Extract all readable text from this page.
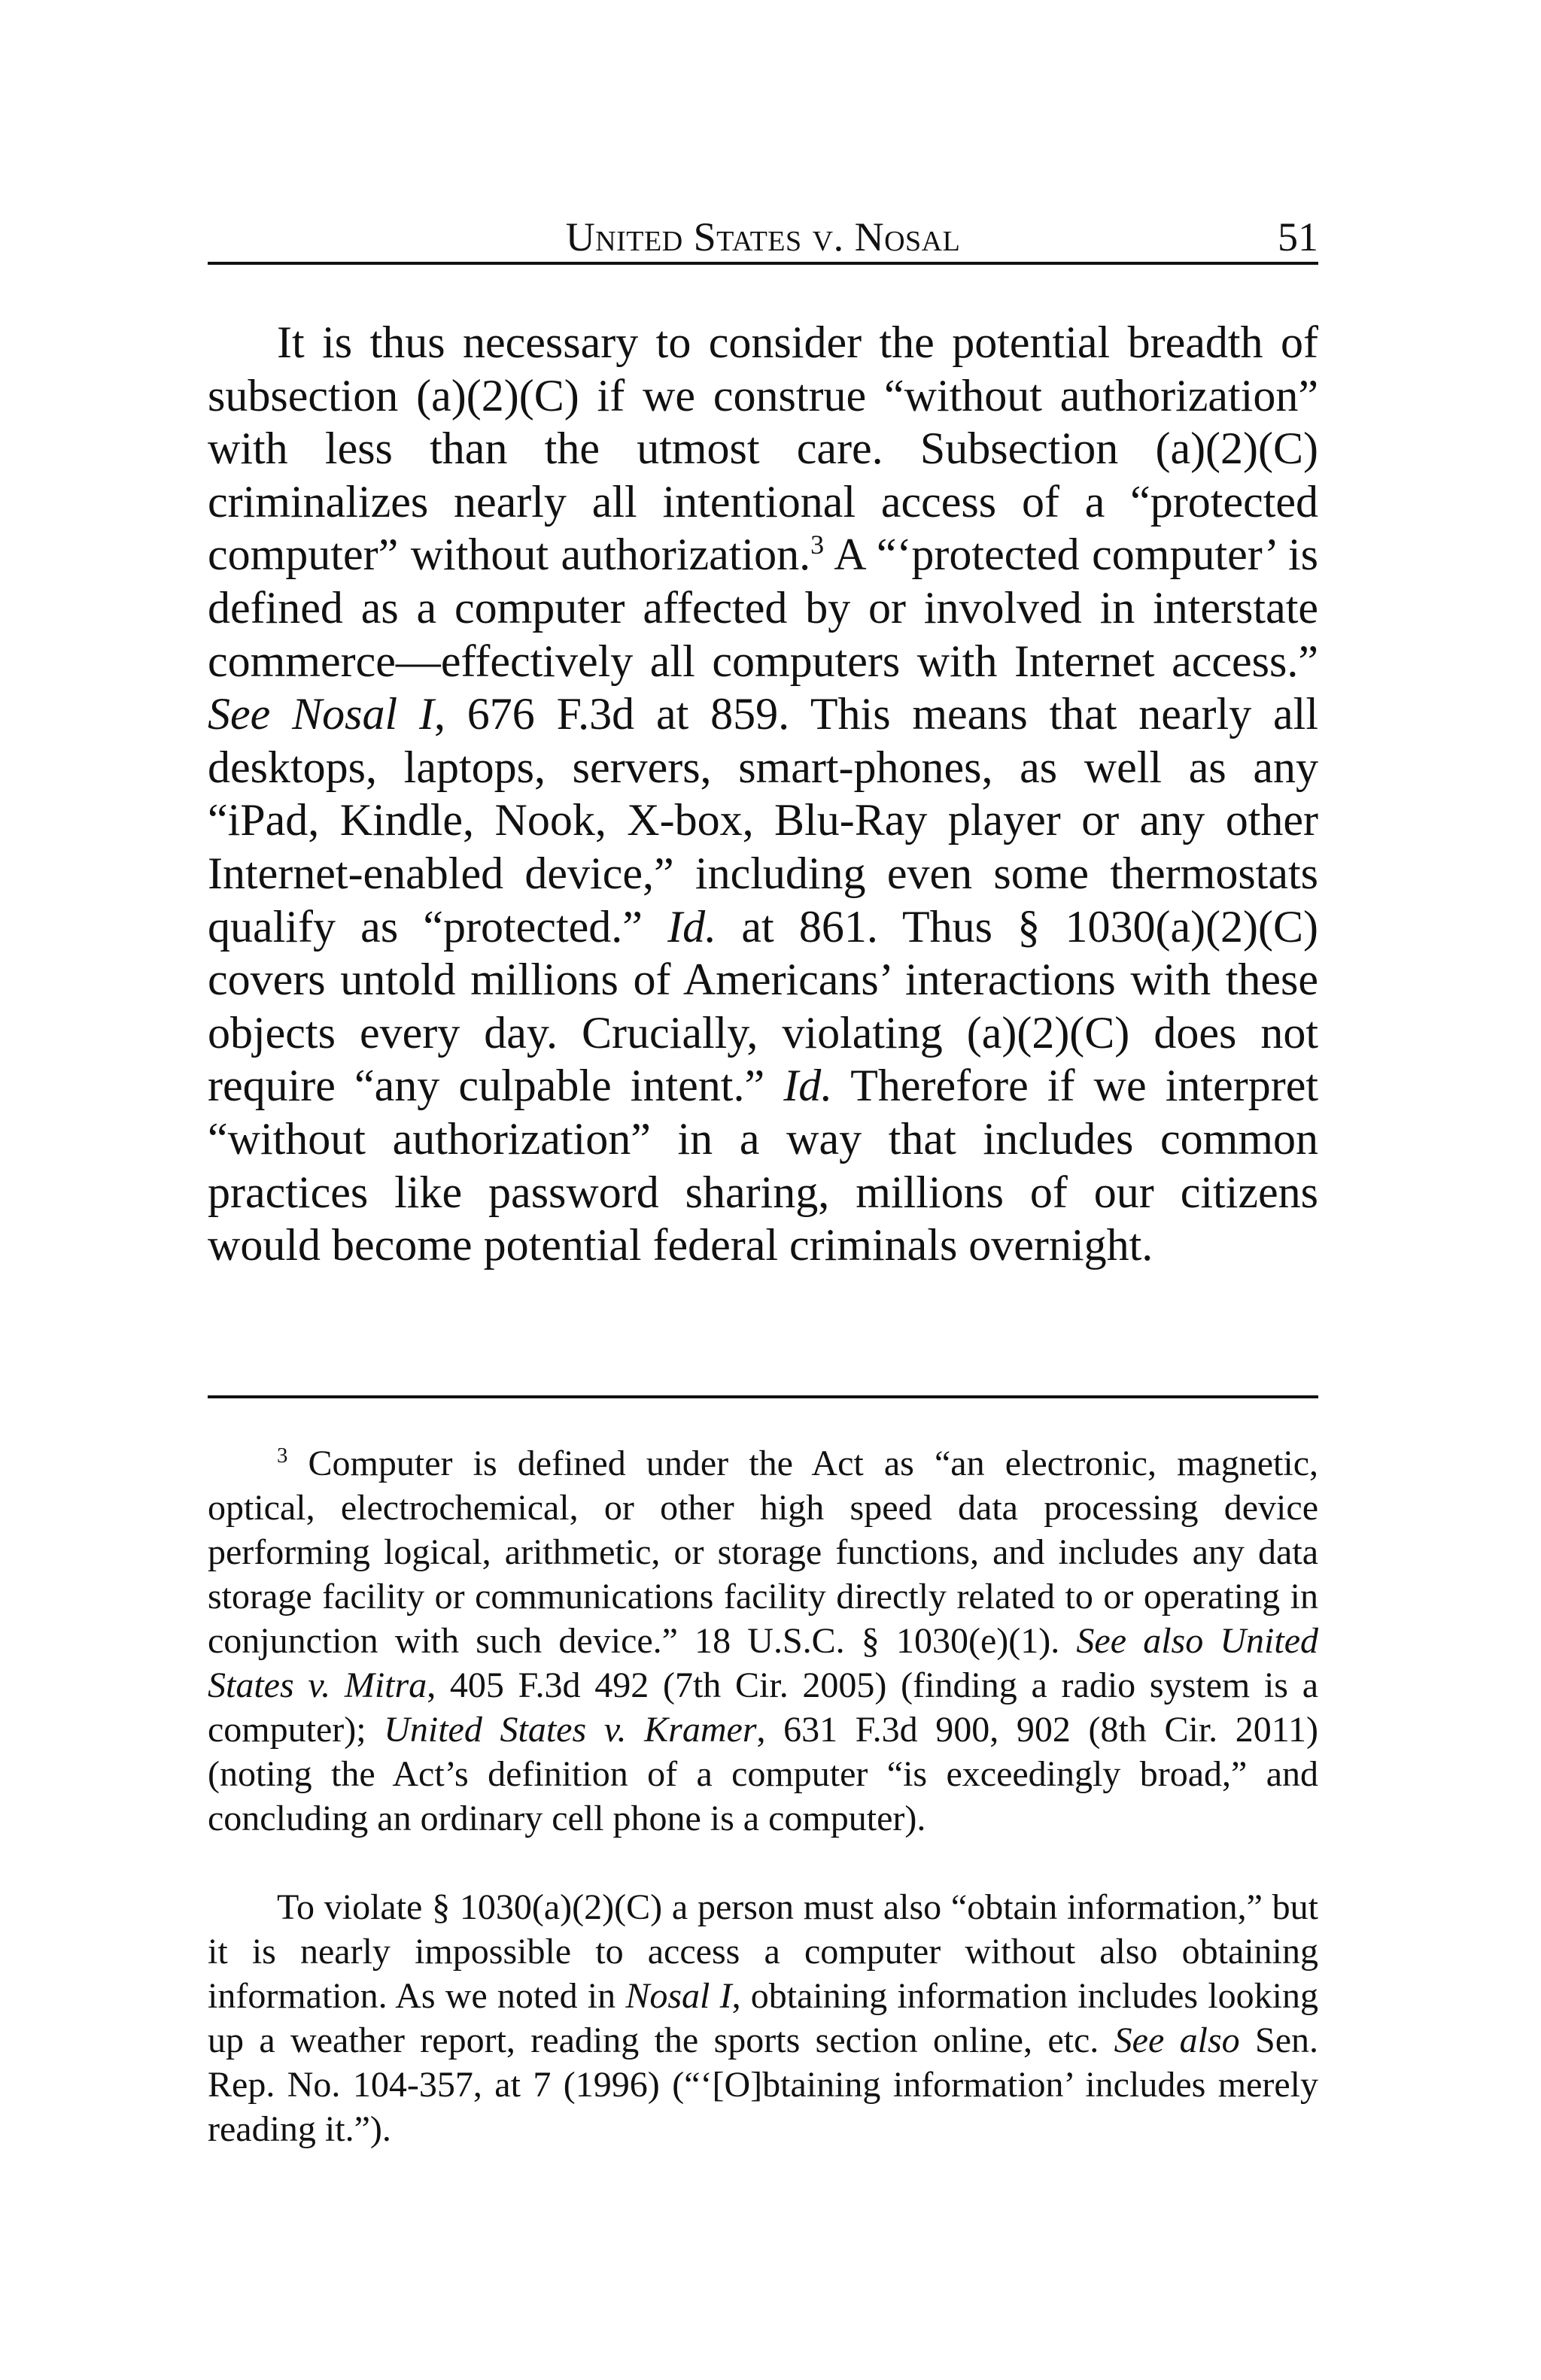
United States v. Nosal	51

It is thus necessary to consider the potential breadth of subsection (a)(2)(C) if we construe “without authorization” with less than the utmost care. Subsection (a)(2)(C) criminalizes nearly all intentional access of a “protected computer” without authorization.$^3$ A “‘protected computer’ is defined as a computer affected by or involved in interstate commerce—effectively all computers with Internet access.” See Nosal I, 676 F.3d at 859. This means that nearly all desktops, laptops, servers, smart-phones, as well as any “iPad, Kindle, Nook, X-box, Blu-Ray player or any other Internet-enabled device,” including even some thermostats qualify as “protected.” Id. at 861. Thus § 1030(a)(2)(C) covers untold millions of Americans’ interactions with these objects every day. Crucially, violating (a)(2)(C) does not require “any culpable intent.” Id. Therefore if we interpret “without authorization” in a way that includes common practices like password sharing, millions of our citizens would become potential federal criminals overnight.

$^3$ Computer is defined under the Act as “an electronic, magnetic, optical, electrochemical, or other high speed data processing device performing logical, arithmetic, or storage functions, and includes any data storage facility or communications facility directly related to or operating in conjunction with such device.” 18 U.S.C. § 1030(e)(1). See also United States v. Mitra, 405 F.3d 492 (7th Cir. 2005) (finding a radio system is a computer); United States v. Kramer, 631 F.3d 900, 902 (8th Cir. 2011) (noting the Act’s definition of a computer “is exceedingly broad,” and concluding an ordinary cell phone is a computer).

To violate § 1030(a)(2)(C) a person must also “obtain information,” but it is nearly impossible to access a computer without also obtaining information. As we noted in Nosal I, obtaining information includes looking up a weather report, reading the sports section online, etc. See also Sen. Rep. No. 104-357, at 7 (1996) (“‘[O]btaining information’ includes merely reading it.”).
